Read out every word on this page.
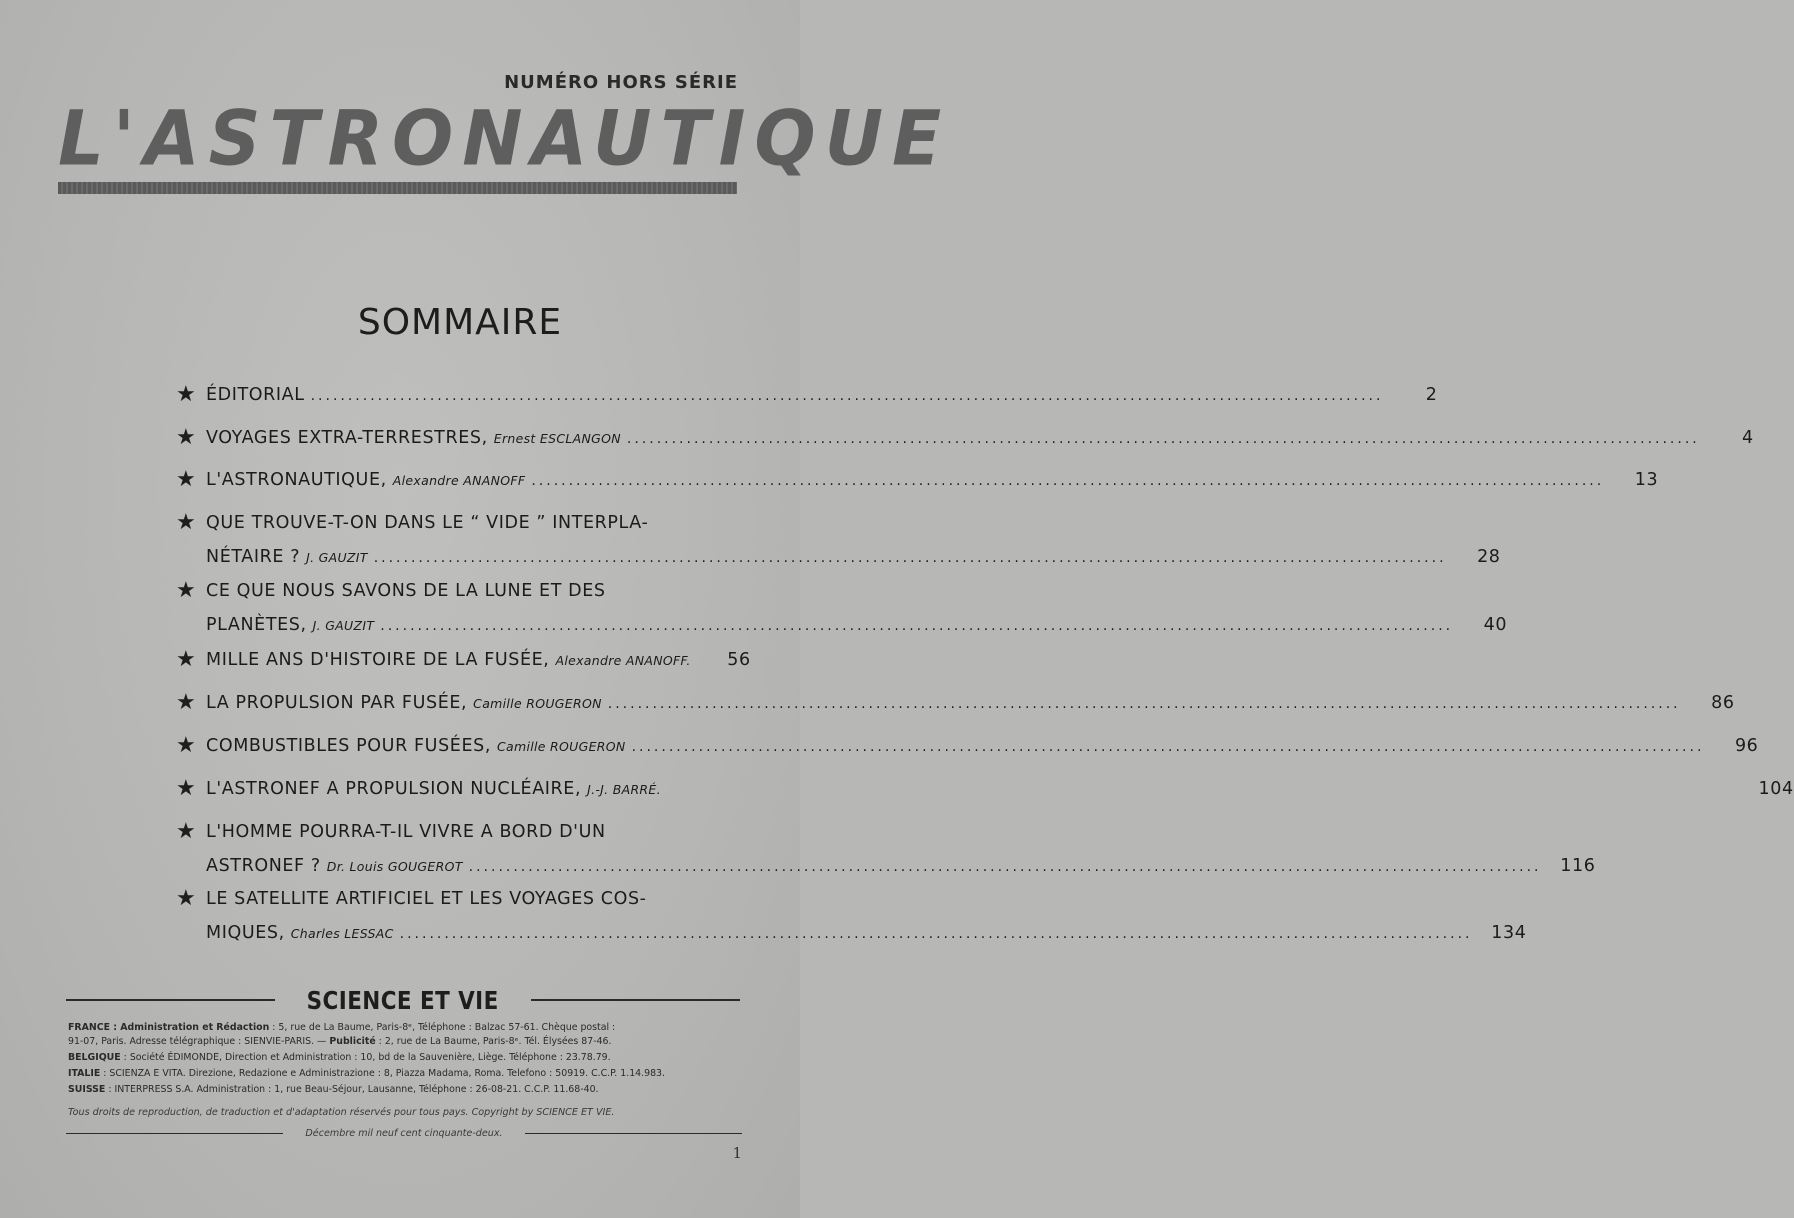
NUMÉRO HORS SÉRIE
L'ASTRONAUTIQUE
SOMMAIRE
★ ÉDITORIAL .....	2
★ VOYAGES EXTRA-TERRESTRES, Ernest ESCLANGON .....	4
★ L'ASTRONAUTIQUE, Alexandre ANANOFF .....	13
★ QUE TROUVE-T-ON DANS LE “ VIDE ” INTERPLA-
NÉTAIRE ? J. GAUZIT .....	28
★ CE QUE NOUS SAVONS DE LA LUNE ET DES
PLANÈTES, J. GAUZIT .....	40
★ MILLE ANS D'HISTOIRE DE LA FUSÉE, Alexandre ANANOFF.	56
★ LA PROPULSION PAR FUSÉE, Camille ROUGERON .....	86
★ COMBUSTIBLES POUR FUSÉES, Camille ROUGERON .....	96
★ L'ASTRONEF A PROPULSION NUCLÉAIRE, J.-J. BARRÉ.	104
★ L'HOMME POURRA-T-IL VIVRE A BORD D'UN
ASTRONEF ? Dr. Louis GOUGEROT .....	116
★ LE SATELLITE ARTIFICIEL ET LES VOYAGES COS-
MIQUES, Charles LESSAC .....	134
SCIENCE ET VIE
FRANCE : Administration et Rédaction : 5, rue de La Baume, Paris-8ᵉ, Téléphone : Balzac 57-61. Chèque postal :
91-07, Paris. Adresse télégraphique : SIENVIE-PARIS. — Publicité : 2, rue de La Baume, Paris-8ᵉ. Tél. Élysées 87-46.
BELGIQUE : Société ÉDIMONDE, Direction et Administration : 10, bd de la Sauvenière, Liège. Téléphone : 23.78.79.
ITALIE : SCIENZA E VITA. Direzione, Redazione e Administrazione : 8, Piazza Madama, Roma. Telefono : 50919. C.C.P. 1.14.983.
SUISSE : INTERPRESS S.A. Administration : 1, rue Beau-Séjour, Lausanne, Téléphone : 26-08-21. C.C.P. 11.68-40.
Tous droits de reproduction, de traduction et d'adaptation réservés pour tous pays. Copyright by SCIENCE ET VIE.
Décembre mil neuf cent cinquante-deux.
1
